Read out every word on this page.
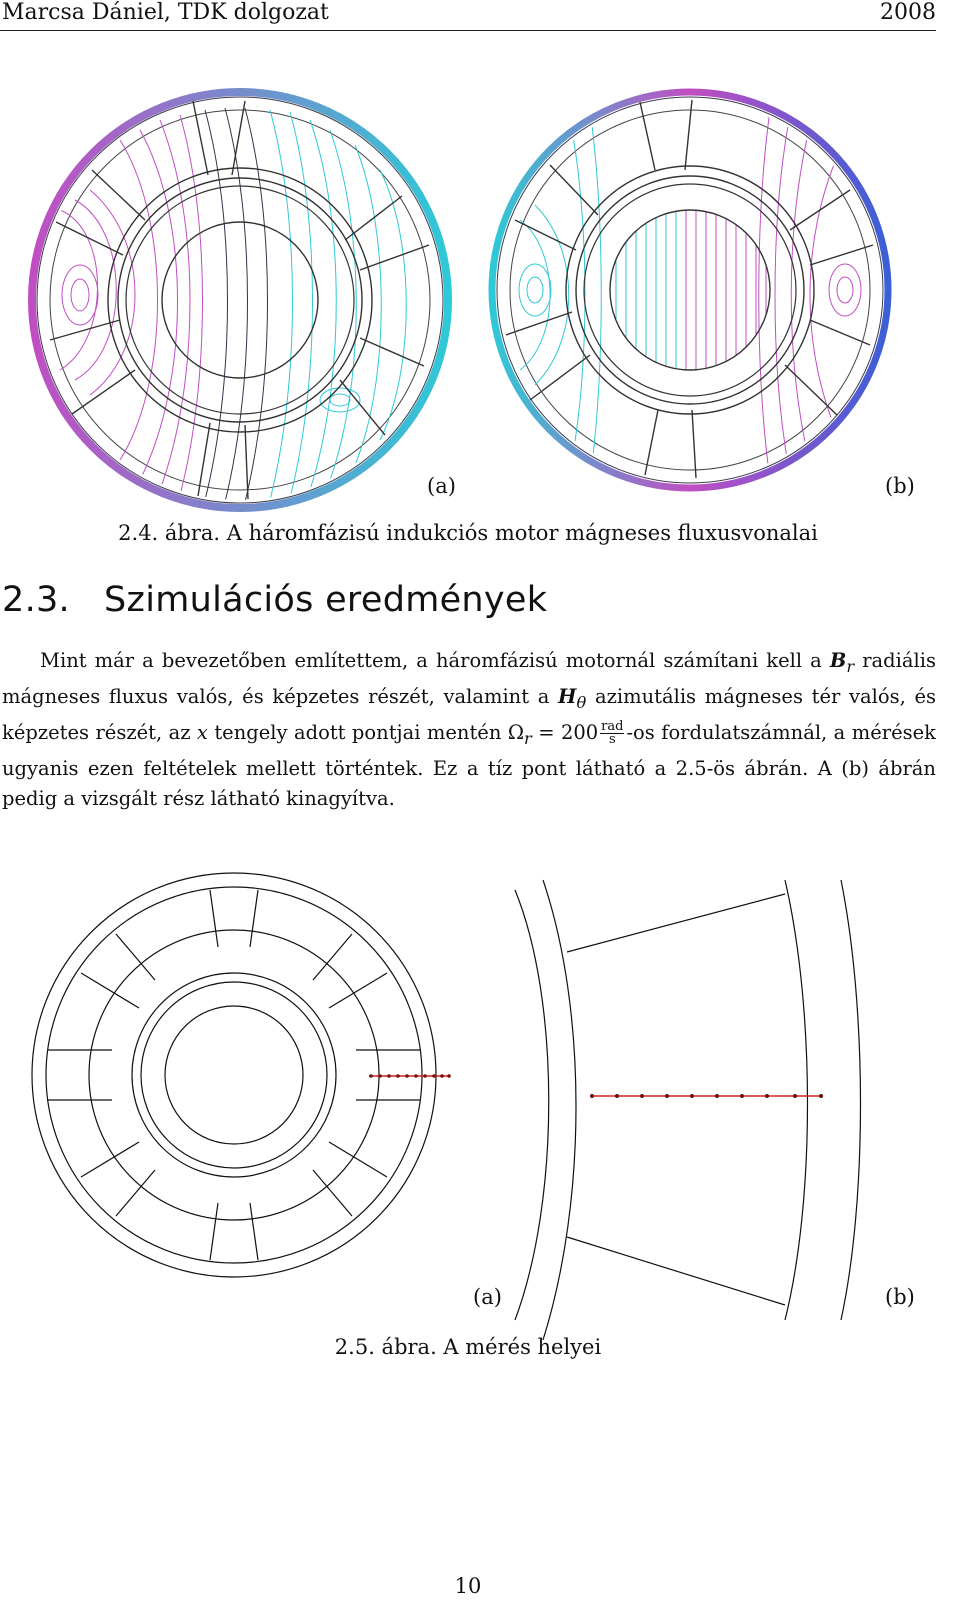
Marcsa Dániel, TDK dolgozat	2008
(a)	(b)
2.4. ábra. A háromfázisú indukciós motor mágneses fluxusvonalai
2.3. Szimulációs eredmények
Mint már a bevezetőben említettem, a háromfázisú motornál számítani kell a $B_r$ radiális mágneses fluxus valós, és képzetes részét, valamint a $H_\theta$ azimutális mágneses tér valós, és képzetes részét, az x tengely adott pontjai mentén $\Omega_r = 200 \frac{\text{rad}}{s} -os$ fordulatszámnál, a mérések ugyanis ezen feltételek mellett történtek. Ez a tíz pont látható a 2.5-ös ábrán. A (b) ábrán pedig a vizsgált rész látható kinagyítva.
(a)	(b)
2.5. ábra. A mérés helyei
10
